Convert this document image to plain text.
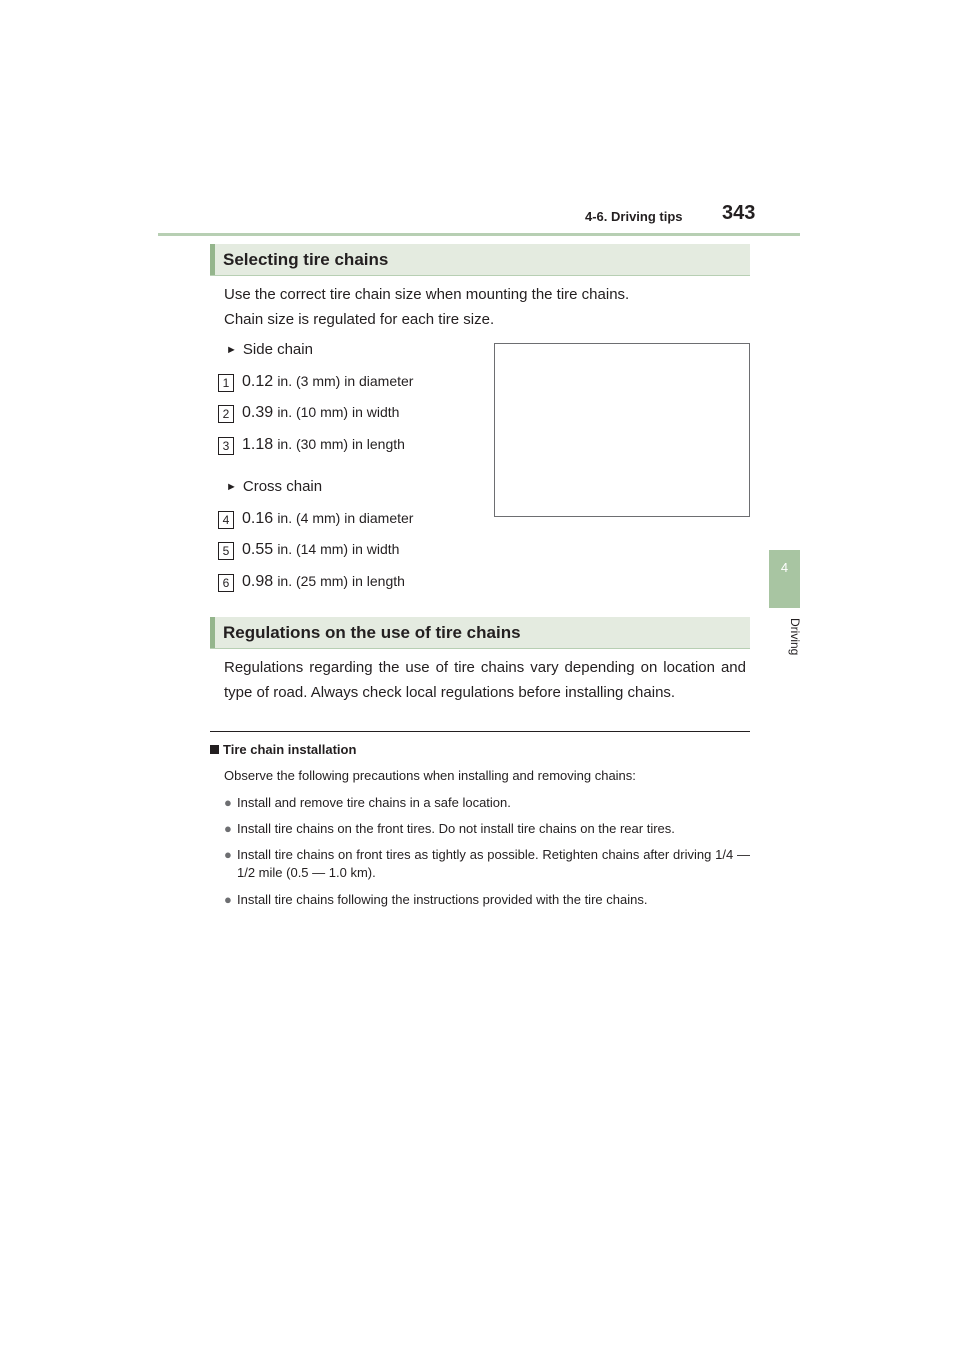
4-6. Driving tips 343
4
Driving
Selecting tire chains
Use the correct tire chain size when mounting the tire chains.
Chain size is regulated for each tire size.
► Side chain
1 0.12 in. (3 mm) in diameter
2 0.39 in. (10 mm) in width
3 1.18 in. (30 mm) in length
► Cross chain
4 0.16 in. (4 mm) in diameter
5 0.55 in. (14 mm) in width
6 0.98 in. (25 mm) in length
Regulations on the use of tire chains
Regulations regarding the use of tire chains vary depending on location and type of road. Always check local regulations before installing chains.
Tire chain installation
Observe the following precautions when installing and removing chains:
● Install and remove tire chains in a safe location.
● Install tire chains on the front tires. Do not install tire chains on the rear tires.
● Install tire chains on front tires as tightly as possible. Retighten chains after driving 1/4 — 1/2 mile (0.5 — 1.0 km).
● Install tire chains following the instructions provided with the tire chains.
